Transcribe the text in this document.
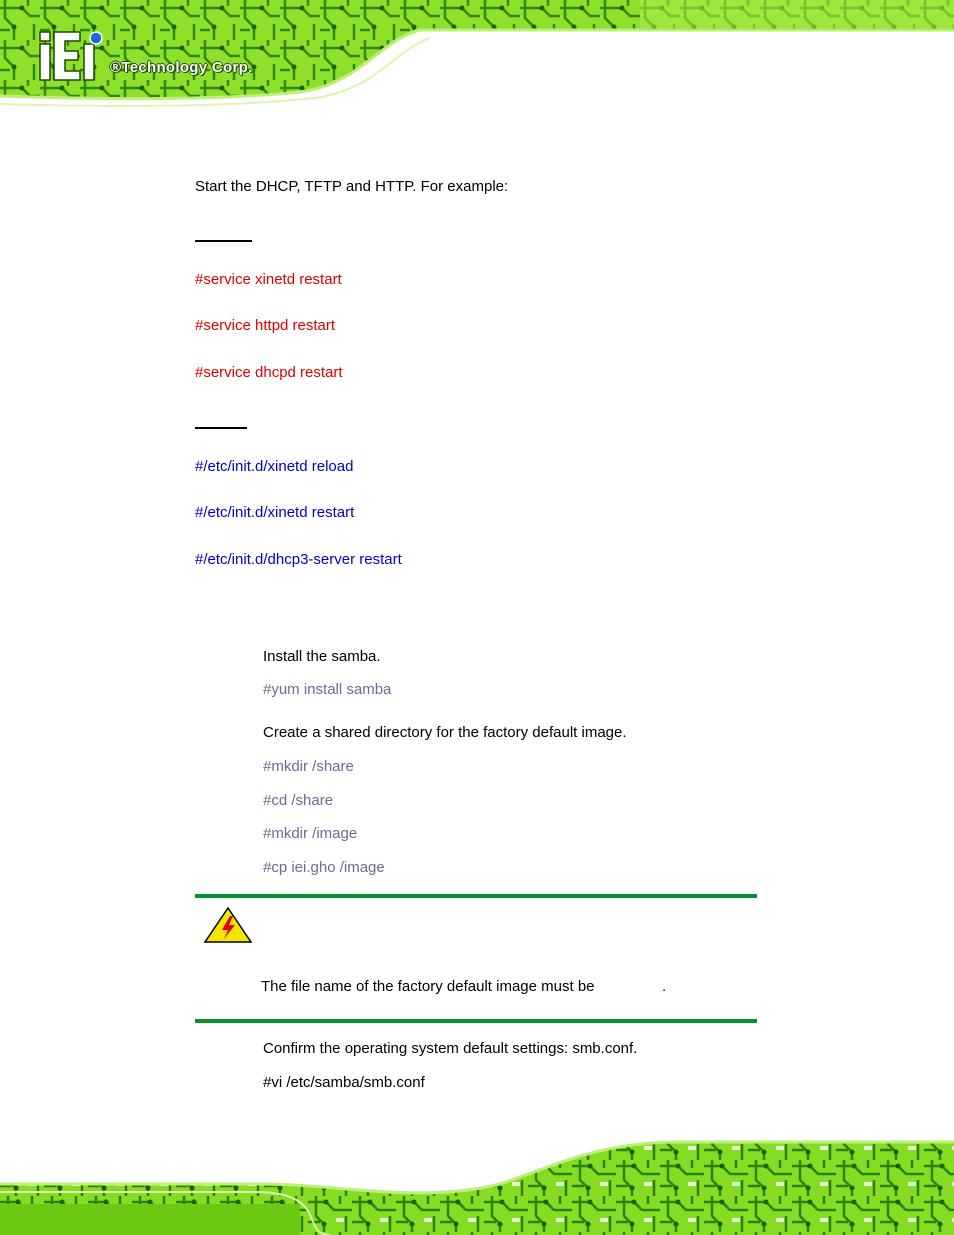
®Technology Corp.
Start the DHCP, TFTP and HTTP. For example:
#service xinetd restart
#service httpd restart
#service dhcpd restart
#/etc/init.d/xinetd reload
#/etc/init.d/xinetd restart
#/etc/init.d/dhcp3-server restart
Install the samba.
#yum install samba
Create a shared directory for the factory default image.
#mkdir /share
#cd /share
#mkdir /image
#cp iei.gho /image
The file name of the factory default image must be	.
Confirm the operating system default settings: smb.conf.
#vi /etc/samba/smb.conf
